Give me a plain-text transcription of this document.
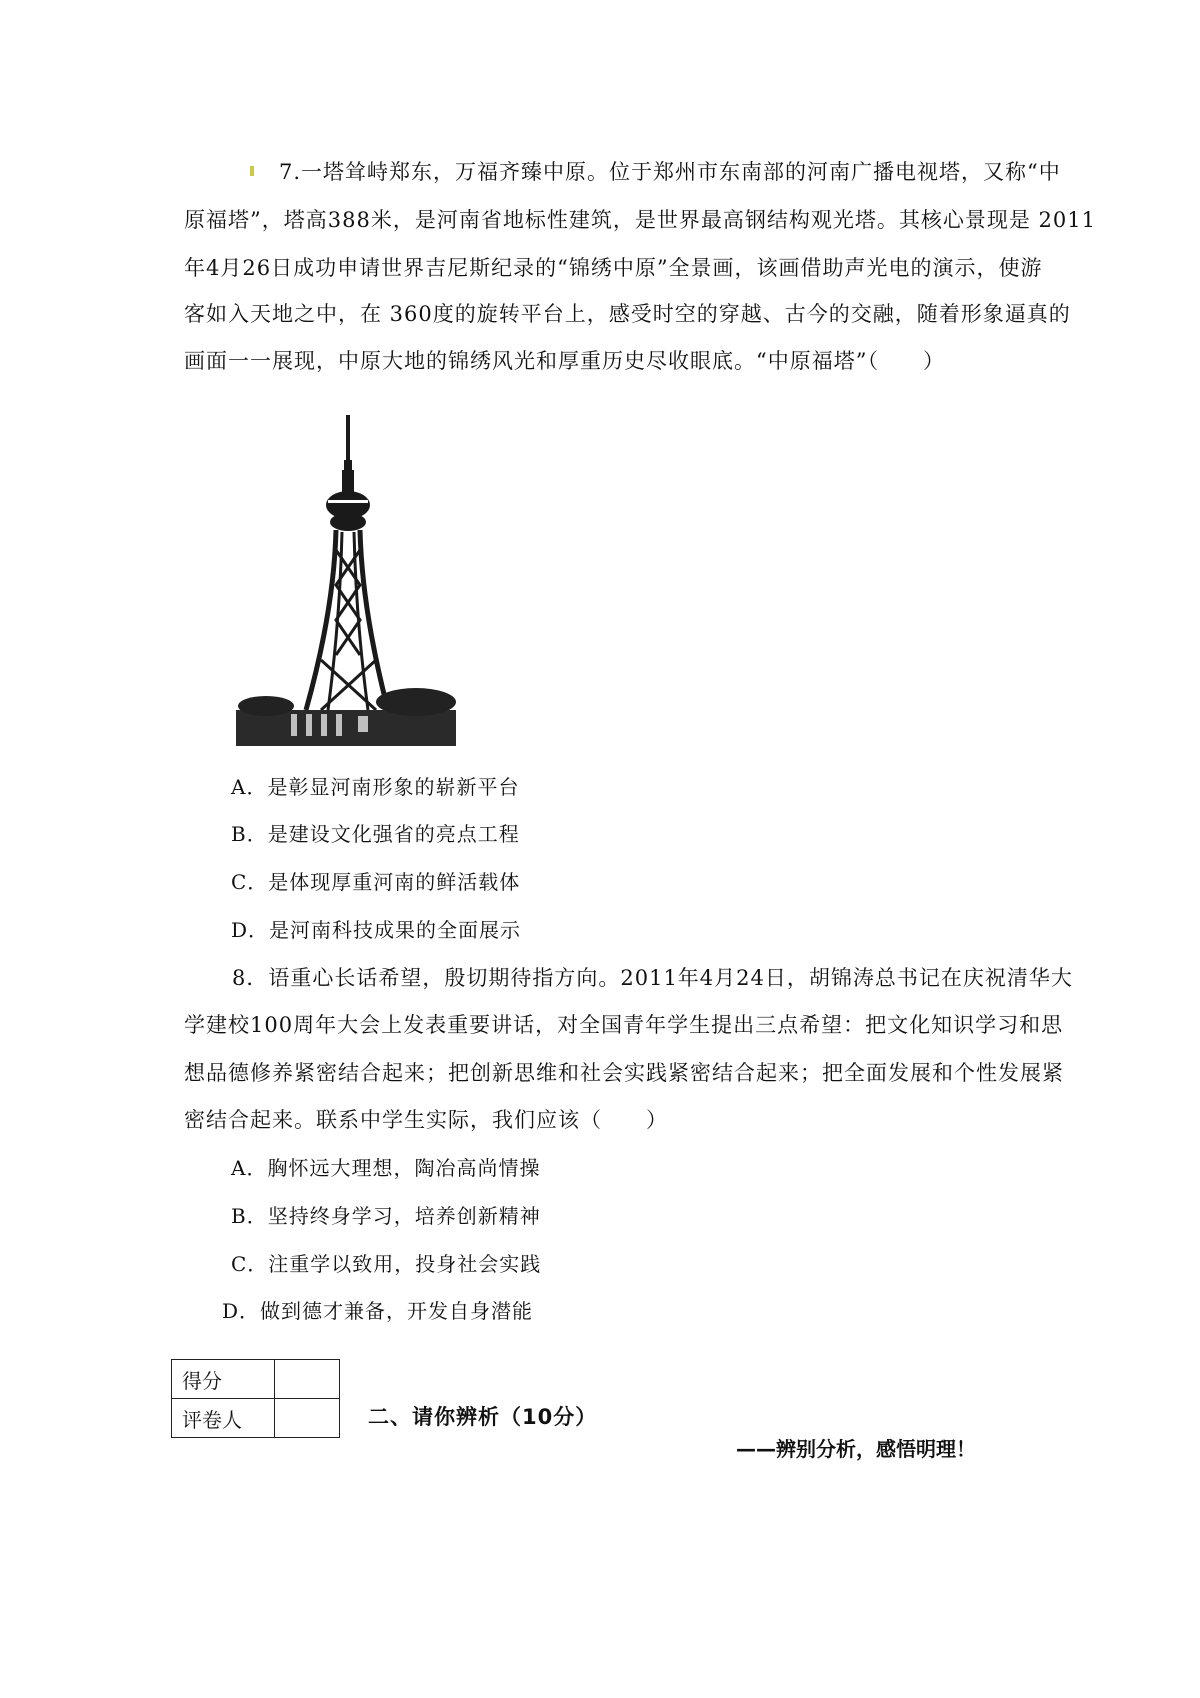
7.一塔耸峙郑东，万福齐臻中原。位于郑州市东南部的河南广播电视塔，又称“中
原福塔”，塔高388米，是河南省地标性建筑，是世界最高钢结构观光塔。其核心景现是 2011
年4月26日成功申请世界吉尼斯纪录的“锦绣中原”全景画，该画借助声光电的演示，使游
客如入天地之中，在 360度的旋转平台上，感受时空的穿越、古今的交融，随着形象逼真的
画面一一展现，中原大地的锦绣风光和厚重历史尽收眼底。“中原福塔”（　　）
A．是彰显河南形象的崭新平台
B．是建设文化强省的亮点工程
C．是体现厚重河南的鲜活载体
D．是河南科技成果的全面展示
8．语重心长话希望，殷切期待指方向。2011年4月24日，胡锦涛总书记在庆祝清华大
学建校100周年大会上发表重要讲话，对全国青年学生提出三点希望：把文化知识学习和思
想品德修养紧密结合起来；把创新思维和社会实践紧密结合起来；把全面发展和个性发展紧
密结合起来。联系中学生实际，我们应该（　　）
A．胸怀远大理想，陶冶高尚情操
B．坚持终身学习，培养创新精神
C．注重学以致用，投身社会实践
D．做到德才兼备，开发自身潜能
得分	
评卷人		二、请你辨析（10分）
——辨别分析，感悟明理！
